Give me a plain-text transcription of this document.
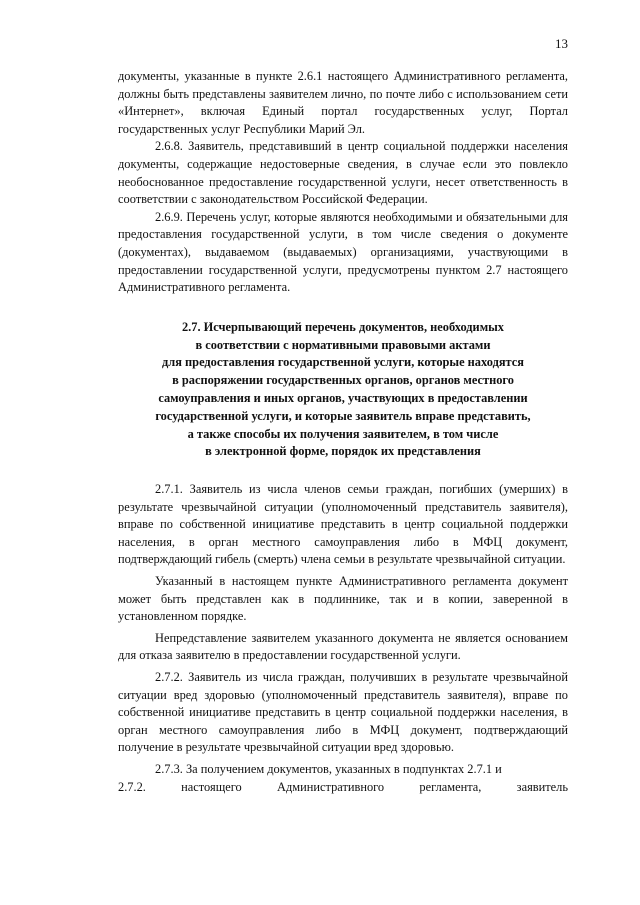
13

документы, указанные в пункте 2.6.1 настоящего Административного регламента, должны быть представлены заявителем лично, по почте либо с использованием сети «Интернет», включая Единый портал государственных услуг, Портал государственных услуг Республики Марий Эл.

2.6.8. Заявитель, представивший в центр социальной поддержки населения документы, содержащие недостоверные сведения, в случае если это повлекло необоснованное предоставление государственной услуги, несет ответственность в соответствии с законодательством Российской Федерации.

2.6.9. Перечень услуг, которые являются необходимыми и обязательными для предоставления государственной услуги, в том числе сведения о документе (документах), выдаваемом (выдаваемых) организациями, участвующими в предоставлении государственной услуги, предусмотрены пунктом 2.7 настоящего Административного регламента.

2.7. Исчерпывающий перечень документов, необходимых
в соответствии с нормативными правовыми актами
для предоставления государственной услуги, которые находятся
в распоряжении государственных органов, органов местного
самоуправления и иных органов, участвующих в предоставлении
государственной услуги, и которые заявитель вправе представить,
а также способы их получения заявителем, в том числе
в электронной форме, порядок их представления

2.7.1. Заявитель из числа членов семьи граждан, погибших (умерших) в результате чрезвычайной ситуации (уполномоченный представитель заявителя), вправе по собственной инициативе представить в центр социальной поддержки населения, в орган местного самоуправления либо в МФЦ документ, подтверждающий гибель (смерть) члена семьи в результате чрезвычайной ситуации.

Указанный в настоящем пункте Административного регламента документ может быть представлен как в подлиннике, так и в копии, заверенной в установленном порядке.

Непредставление заявителем указанного документа не является основанием для отказа заявителю в предоставлении государственной услуги.

2.7.2. Заявитель из числа граждан, получивших в результате чрезвычайной ситуации вред здоровью (уполномоченный представитель заявителя), вправе по собственной инициативе представить в центр социальной поддержки населения, в орган местного самоуправления либо в МФЦ документ, подтверждающий получение в результате чрезвычайной ситуации вред здоровью.

2.7.3. За получением документов, указанных в подпунктах 2.7.1 и

2.7.2.	настоящего	Административного	регламента,	заявитель
